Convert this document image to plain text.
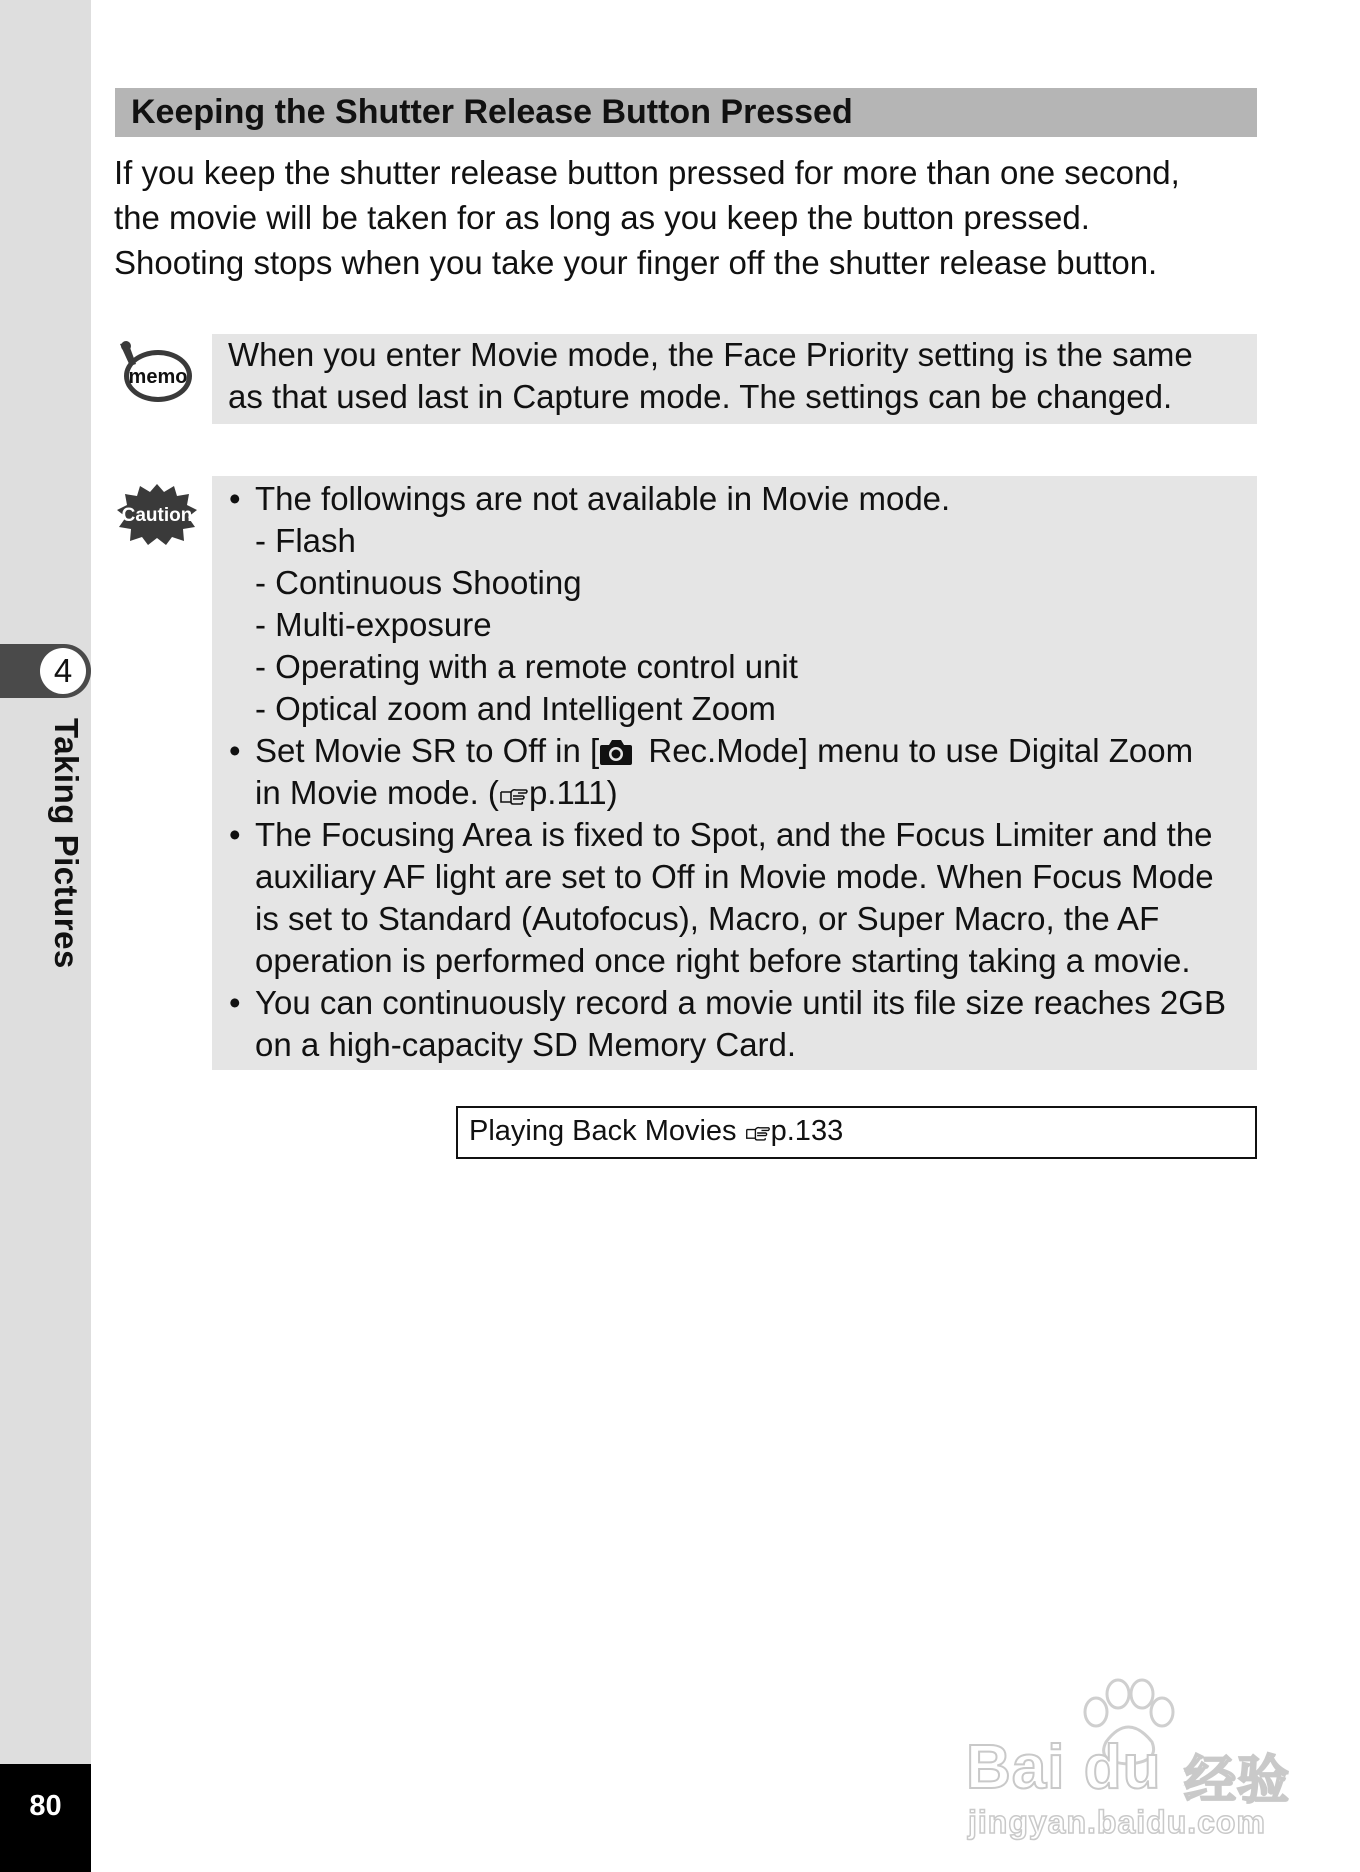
4
Taking Pictures
80
Keeping the Shutter Release Button Pressed

If you keep the shutter release button pressed for more than one second,
the movie will be taken for as long as you keep the button pressed.
Shooting stops when you take your finger off the shutter release button.

memo
When you enter Movie mode, the Face Priority setting is the same
as that used last in Capture mode. The settings can be changed.
Caution • The followings are not available in Movie mode.
- Flash
- Continuous Shooting
- Multi-exposure
- Operating with a remote control unit
- Optical zoom and Intelligent Zoom
• Set Movie SR to Off in [ Rec.Mode] menu to use Digital Zoom
in Movie mode. ( p.111)
• The Focusing Area is fixed to Spot, and the Focus Limiter and the
auxiliary AF light are set to Off in Movie mode. When Focus Mode
is set to Standard (Autofocus), Macro, or Super Macro, the AF
operation is performed once right before starting taking a movie.
• You can continuously record a movie until its file size reaches 2GB
on a high-capacity SD Memory Card.
Playing Back Movies p.133
Bai du 经验
jingyan.baidu.com
